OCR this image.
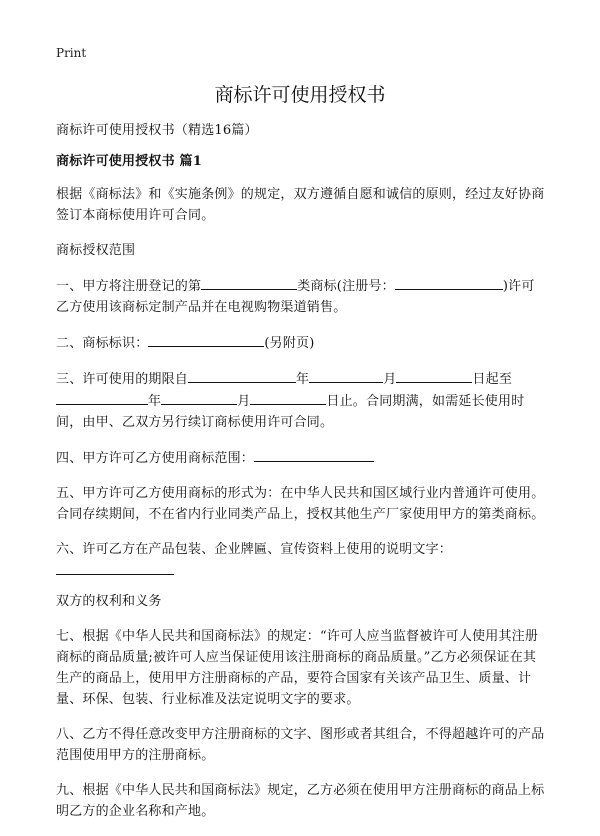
Print
商标许可使用授权书

商标许可使用授权书（精选16篇）

商标许可使用授权书 篇1

根据《商标法》和《实施条例》的规定，双方遵循自愿和诚信的原则，经过友好协商签订本商标使用许可合同。

商标授权范围

一、甲方将注册登记的第	类商标(注册号：	)许可乙方使用该商标定制产品并在电视购物渠道销售。

二、商标标识：	(另附页)

三、许可使用的期限自	年	月	日起至年	月	日止。合同期满，如需延长使用时间，由甲、乙双方另行续订商标使用许可合同。

四、甲方许可乙方使用商标范围：

五、甲方许可乙方使用商标的形式为：在中华人民共和国区域行业内普通许可使用。合同存续期间，不在省内行业同类产品上，授权其他生产厂家使用甲方的第类商标。

六、许可乙方在产品包装、企业牌匾、宣传资料上使用的说明文字：

双方的权利和义务

七、根据《中华人民共和国商标法》的规定：“许可人应当监督被许可人使用其注册商标的商品质量;被许可人应当保证使用该注册商标的商品质量。”乙方必须保证在其生产的商品上，使用甲方注册商标的产品，要符合国家有关该产品卫生、质量、计量、环保、包装、行业标准及法定说明文字的要求。

八、乙方不得任意改变甲方注册商标的文字、图形或者其组合，不得超越许可的产品范围使用甲方的注册商标。

九、根据《中华人民共和国商标法》规定，乙方必须在使用甲方注册商标的商品上标明乙方的企业名称和产地。
